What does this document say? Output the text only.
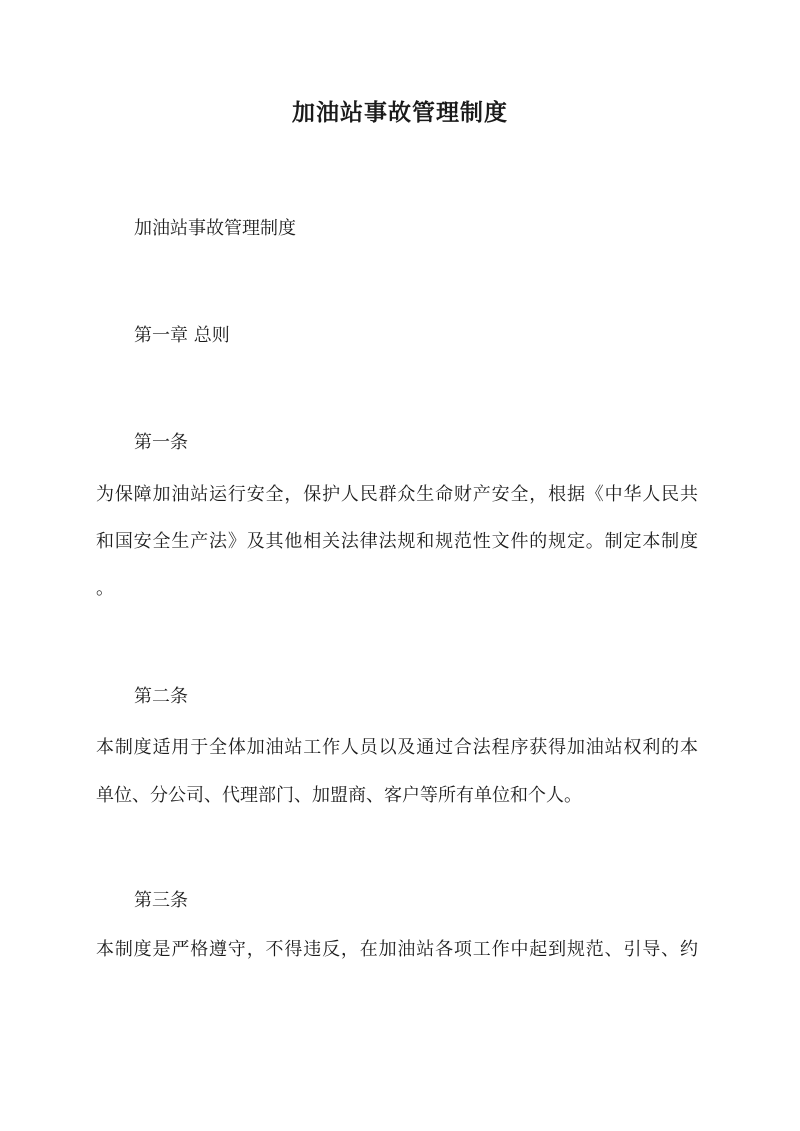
加油站事故管理制度

加油站事故管理制度

第一章 总则

第一条

为保障加油站运行安全，保护人民群众生命财产安全，根据《中华人民共

和国安全生产法》及其他相关法律法规和规范性文件的规定。制定本制度

。

第二条

本制度适用于全体加油站工作人员以及通过合法程序获得加油站权利的本

单位、分公司、代理部门、加盟商、客户等所有单位和个人。

第三条

本制度是严格遵守，不得违反，在加油站各项工作中起到规范、引导、约
